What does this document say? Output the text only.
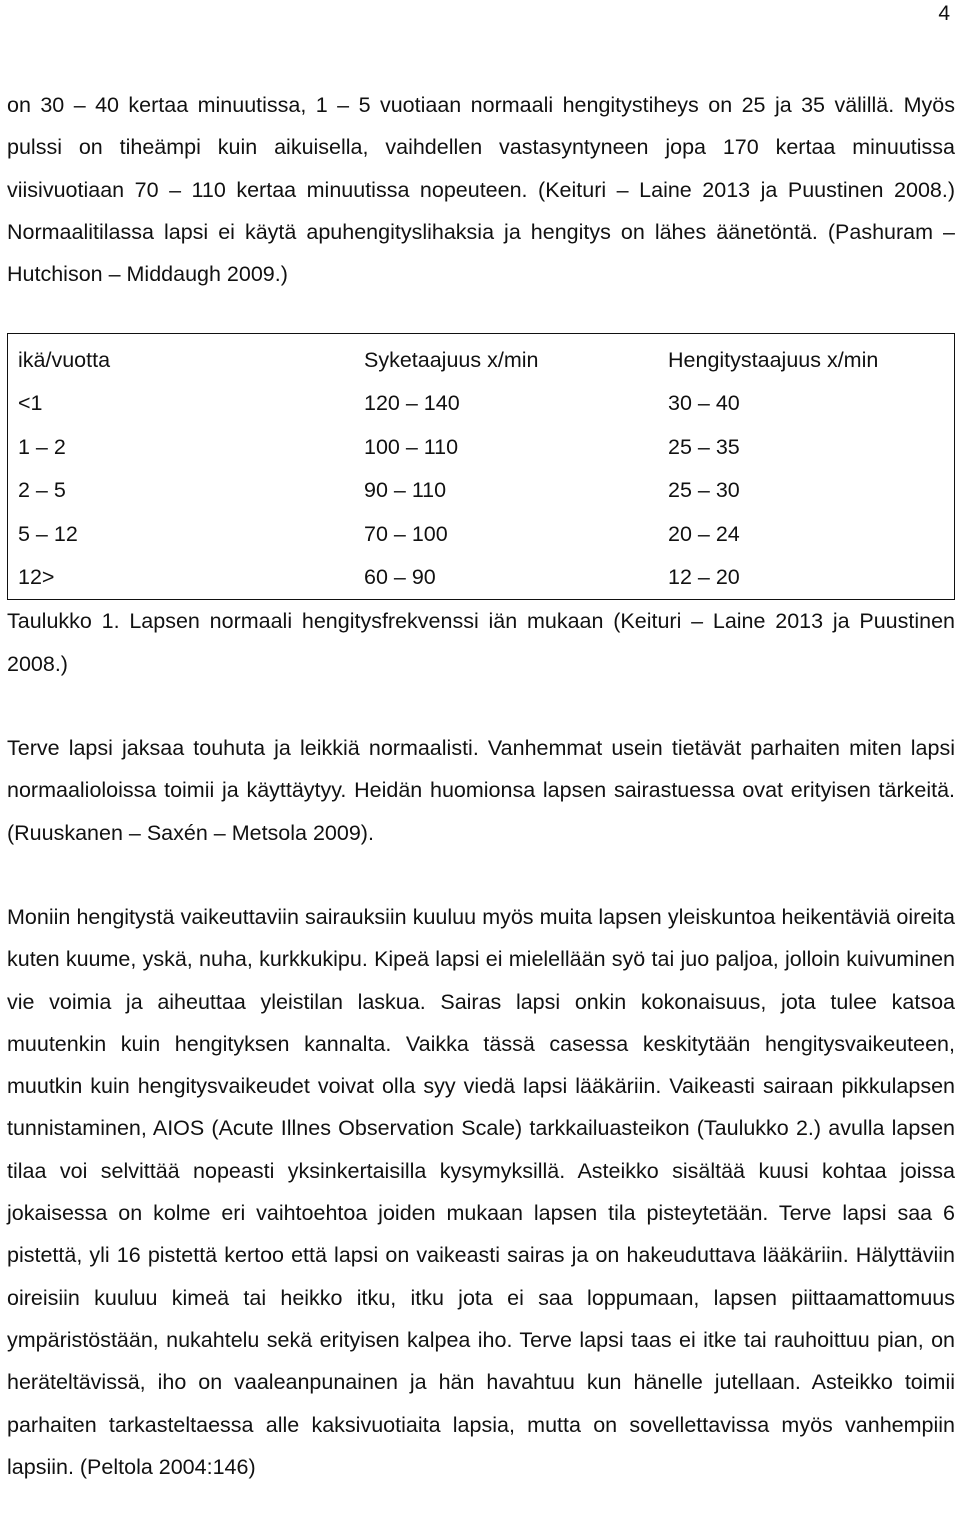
4

on 30 – 40 kertaa minuutissa, 1 – 5 vuotiaan normaali hengitystiheys on 25 ja 35 välillä. Myös pulssi on tiheämpi kuin aikuisella, vaihdellen vastasyntyneen jopa 170 kertaa minuutissa viisivuotiaan 70 – 110 kertaa minuutissa nopeuteen. (Keituri – Laine 2013 ja Puustinen 2008.) Normaalitilassa lapsi ei käytä apuhengityslihaksia ja hengitys on lähes äänetöntä. (Pashuram – Hutchison – Middaugh 2009.)

ikä/vuotta	Syketaajuus x/min	Hengitystaajuus x/min
<1	120 – 140	30 – 40
1 – 2	100 – 110	25 – 35
2 – 5	90 – 110	25 – 30
5 – 12	70 – 100	20 – 24
12>	60 – 90	12 – 20

Taulukko 1. Lapsen normaali hengitysfrekvenssi iän mukaan (Keituri – Laine 2013 ja Puustinen 2008.)

Terve lapsi jaksaa touhuta ja leikkiä normaalisti. Vanhemmat usein tietävät parhaiten miten lapsi normaalioloissa toimii ja käyttäytyy. Heidän huomionsa lapsen sairastuessa ovat erityisen tärkeitä. (Ruuskanen – Saxén – Metsola 2009).

Moniin hengitystä vaikeuttaviin sairauksiin kuuluu myös muita lapsen yleiskuntoa heikentäviä oireita kuten kuume, yskä, nuha, kurkkukipu. Kipeä lapsi ei mielellään syö tai juo paljoa, jolloin kuivuminen vie voimia ja aiheuttaa yleistilan laskua. Sairas lapsi onkin kokonaisuus, jota tulee katsoa muutenkin kuin hengityksen kannalta. Vaikka tässä casessa keskitytään hengitysvaikeuteen, muutkin kuin hengitysvaikeudet voivat olla syy viedä lapsi lääkäriin. Vaikeasti sairaan pikkulapsen tunnistaminen, AIOS (Acute Illnes Observation Scale) tarkkailuasteikon (Taulukko 2.) avulla lapsen tilaa voi selvittää nopeasti yksinkertaisilla kysymyksillä. Asteikko sisältää kuusi kohtaa joissa jokaisessa on kolme eri vaihtoehtoa joiden mukaan lapsen tila pisteytetään. Terve lapsi saa 6 pistettä, yli 16 pistettä kertoo että lapsi on vaikeasti sairas ja on hakeuduttava lääkäriin. Hälyttäviin oireisiin kuuluu kimeä tai heikko itku, itku jota ei saa loppumaan, lapsen piittaamattomuus ympäristöstään, nukahtelu sekä erityisen kalpea iho. Terve lapsi taas ei itke tai rauhoittuu pian, on heräteltävissä, iho on vaaleanpunainen ja hän havahtuu kun hänelle jutellaan. Asteikko toimii parhaiten tarkasteltaessa alle kaksivuotiaita lapsia, mutta on sovellettavissa myös vanhempiin lapsiin. (Peltola 2004:146)
